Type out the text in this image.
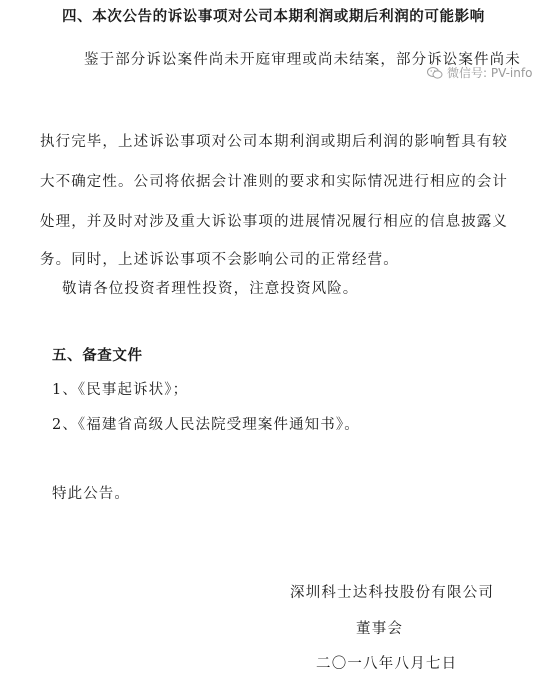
四、本次公告的诉讼事项对公司本期利润或期后利润的可能影响
鉴于部分诉讼案件尚未开庭审理或尚未结案，部分诉讼案件尚未
微信号: PV-info
执行完毕，上述诉讼事项对公司本期利润或期后利润的影响暂具有较
大不确定性。公司将依据会计准则的要求和实际情况进行相应的会计
处理，并及时对涉及重大诉讼事项的进展情况履行相应的信息披露义
务。同时，上述诉讼事项不会影响公司的正常经营。
敬请各位投资者理性投资，注意投资风险。
五、备查文件
1、《民事起诉状》；
2、《福建省高级人民法院受理案件通知书》。
特此公告。
深圳科士达科技股份有限公司
董事会
二〇一八年八月七日
